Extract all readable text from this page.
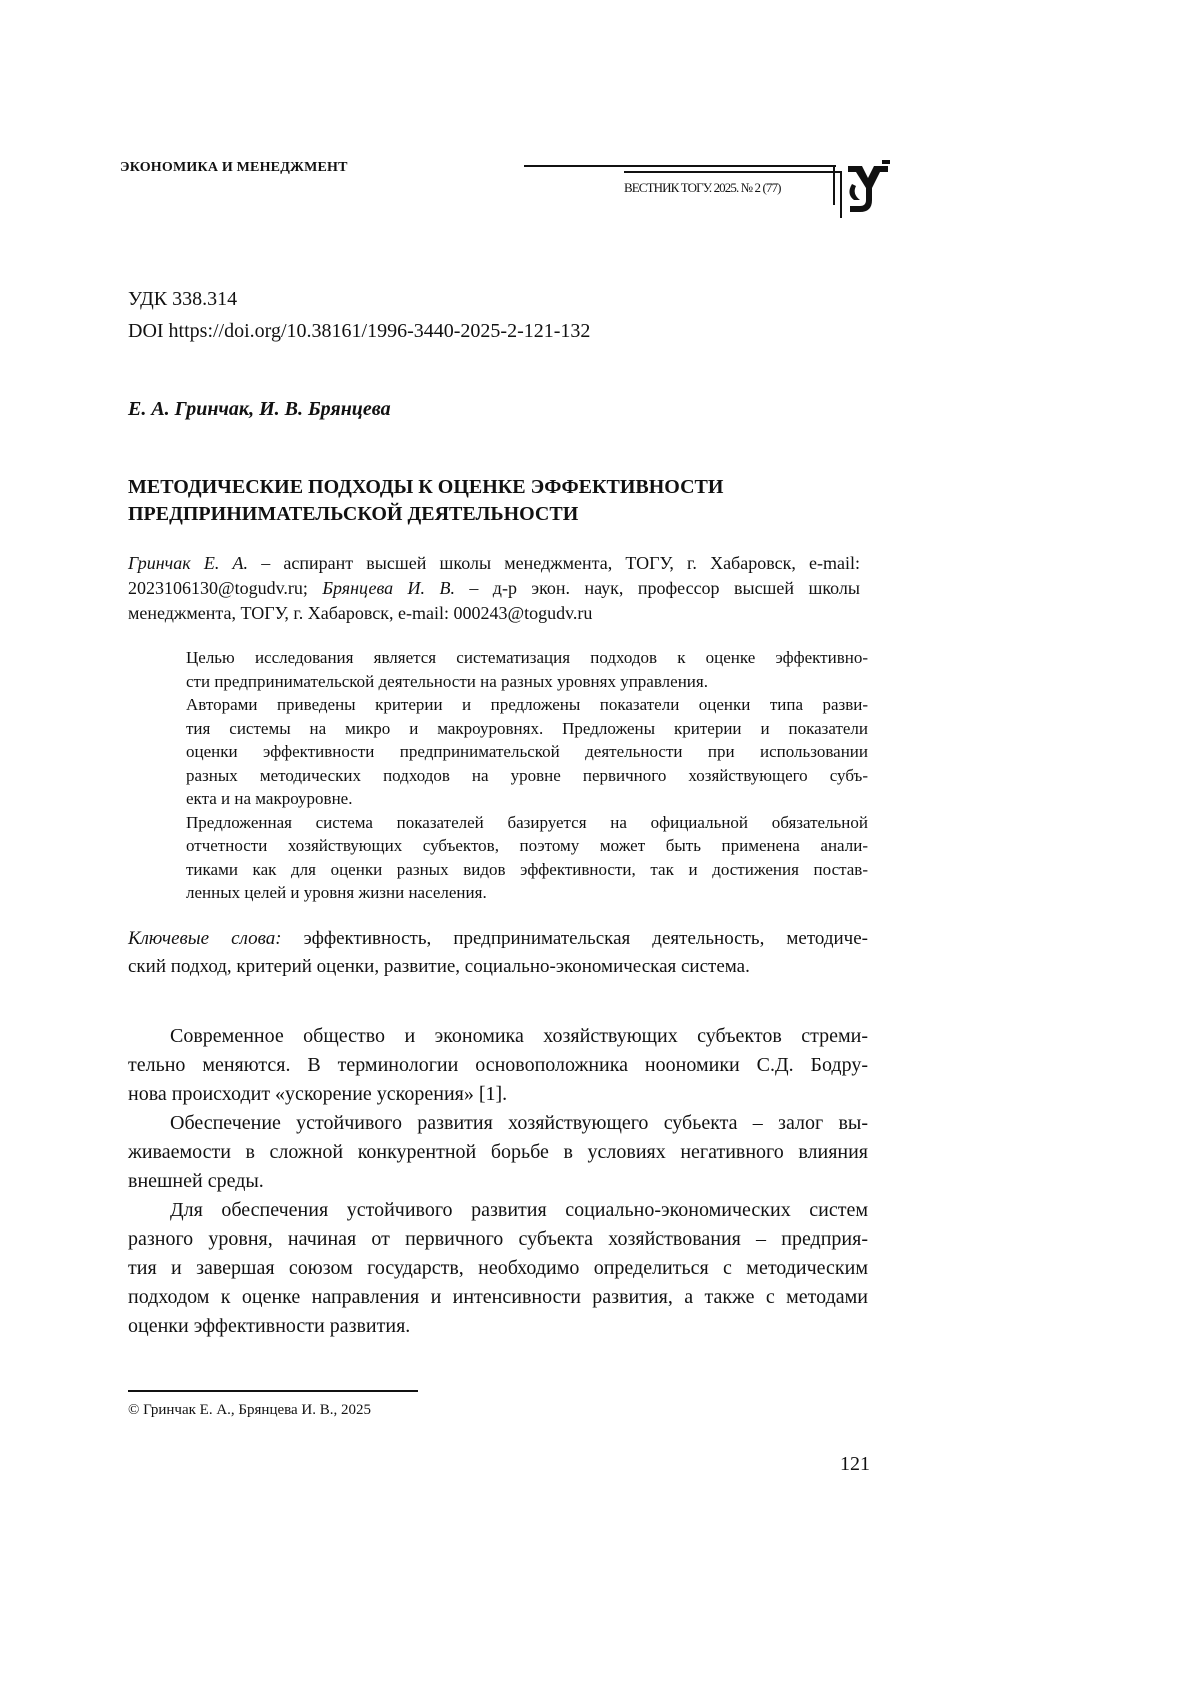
ЭКОНОМИКА И МЕНЕДЖМЕНТ
ВЕСТНИК ТОГУ. 2025. № 2 (77)
УДК 338.314
DOI https://doi.org/10.38161/1996-3440-2025-2-121-132
Е. А. Гринчак, И. В. Брянцева
МЕТОДИЧЕСКИЕ ПОДХОДЫ К ОЦЕНКЕ ЭФФЕКТИВНОСТИ
ПРЕДПРИНИМАТЕЛЬСКОЙ ДЕЯТЕЛЬНОСТИ
Гринчак Е. А. – аспирант высшей школы менеджмента, ТОГУ, г. Хабаровск, e-mail:
2023106130@togudv.ru; Брянцева И. В. – д-р экон. наук, профессор высшей школы
менеджмента, ТОГУ, г. Хабаровск, e-mail: 000243@togudv.ru
Целью исследования является систематизация подходов к оценке эффективно-
сти предпринимательской деятельности на разных уровнях управления.
Авторами приведены критерии и предложены показатели оценки типа разви-
тия системы на микро и макроуровнях. Предложены критерии и показатели
оценки эффективности предпринимательской деятельности при использовании
разных методических подходов на уровне первичного хозяйствующего субъ-
екта и на макроуровне.
Предложенная система показателей базируется на официальной обязательной
отчетности хозяйствующих субъектов, поэтому может быть применена анали-
тиками как для оценки разных видов эффективности, так и достижения постав-
ленных целей и уровня жизни населения.
Ключевые слова: эффективность, предпринимательская деятельность, методиче-
ский подход, критерий оценки, развитие, социально-экономическая система.

Современное общество и экономика хозяйствующих субъектов стреми-
тельно меняются. В терминологии основоположника ноономики С.Д. Бодру-
нова происходит «ускорение ускорения» [1].

Обеспечение устойчивого развития хозяйствующего субьекта – залог вы-
живаемости в сложной конкурентной борьбе в условиях негативного влияния
внешней среды.

Для обеспечения устойчивого развития социально-экономических систем
разного уровня, начиная от первичного субъекта хозяйствования – предприя-
тия и завершая союзом государств, необходимо определиться с методическим
подходом к оценке направления и интенсивности развития, а также с методами
оценки эффективности развития.

© Гринчак Е. А., Брянцева И. В., 2025
121
